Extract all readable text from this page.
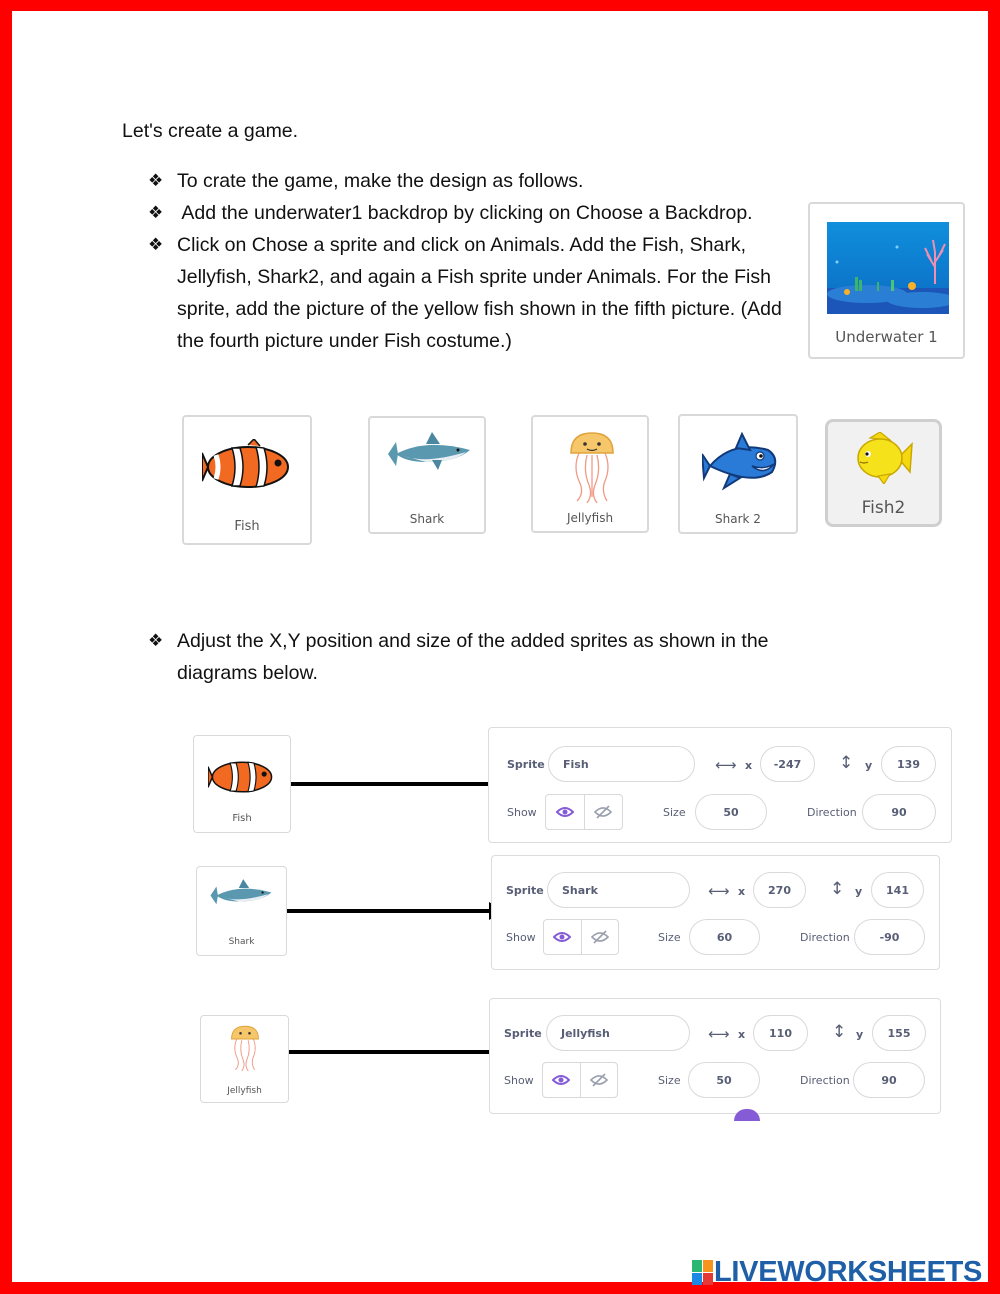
Let's create a game.
❖ To crate the game, make the design as follows.
❖ Add the underwater1 backdrop by clicking on Choose a Backdrop.
❖ Click on Chose a sprite and click on Animals. Add the Fish, Shark, Jellyfish, Shark2, and again a Fish sprite under Animals. For the Fish sprite, add the picture of the yellow fish shown in the fifth picture. (Add the fourth picture under Fish costume.)
❖ Adjust the X,Y position and size of the added sprites as shown in the diagrams below.
Underwater 1
Fish	Shark	Jellyfish	Shark 2
Fish2
Fish
Sprite	Fish	⟷ x	-247	↕ y	139
Show	Size	50	Direction	90
Shark
Sprite	Shark	⟷ x	270	↕ y	141
Show	Size	60	Direction	-90
Jellyfish
Sprite	Jellyfish	⟷ x	110	↕ y	155
Show	Size	50	Direction	90
LIVEWORKSHEETS
